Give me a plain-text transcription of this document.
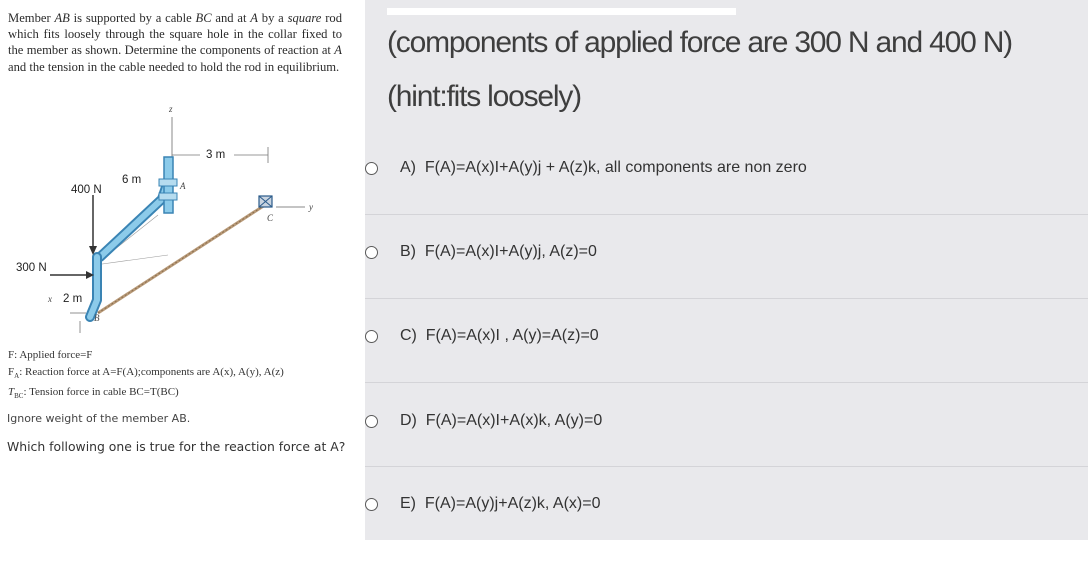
Member AB is supported by a cable BC and at A by a square rod which fits loosely through the square hole in the collar fixed to the member as shown. Determine the components of reaction at A and the tension in the cable needed to hold the rod in equilibrium.

z
3 m
6 m	A
400 N
y
C
300 N
x 2 m
B
F: Applied force=F
$F_A$: Reaction force at A=F(A);components are A(x), A(y), A(z)
$T_{BC}$: Tension force in cable BC=T(BC)
Ignore weight of the member AB.
Which following one is true for the reaction force at A?
(components of applied force are 300 N and 400 N)
(hint:fits loosely)
A) F(A)=A(x)I+A(y)j + A(z)k, all components are non zero
B) F(A)=A(x)I+A(y)j, A(z)=0
C) F(A)=A(x)I , A(y)=A(z)=0
D) F(A)=A(x)I+A(x)k, A(y)=0
E) F(A)=A(y)j+A(z)k, A(x)=0
